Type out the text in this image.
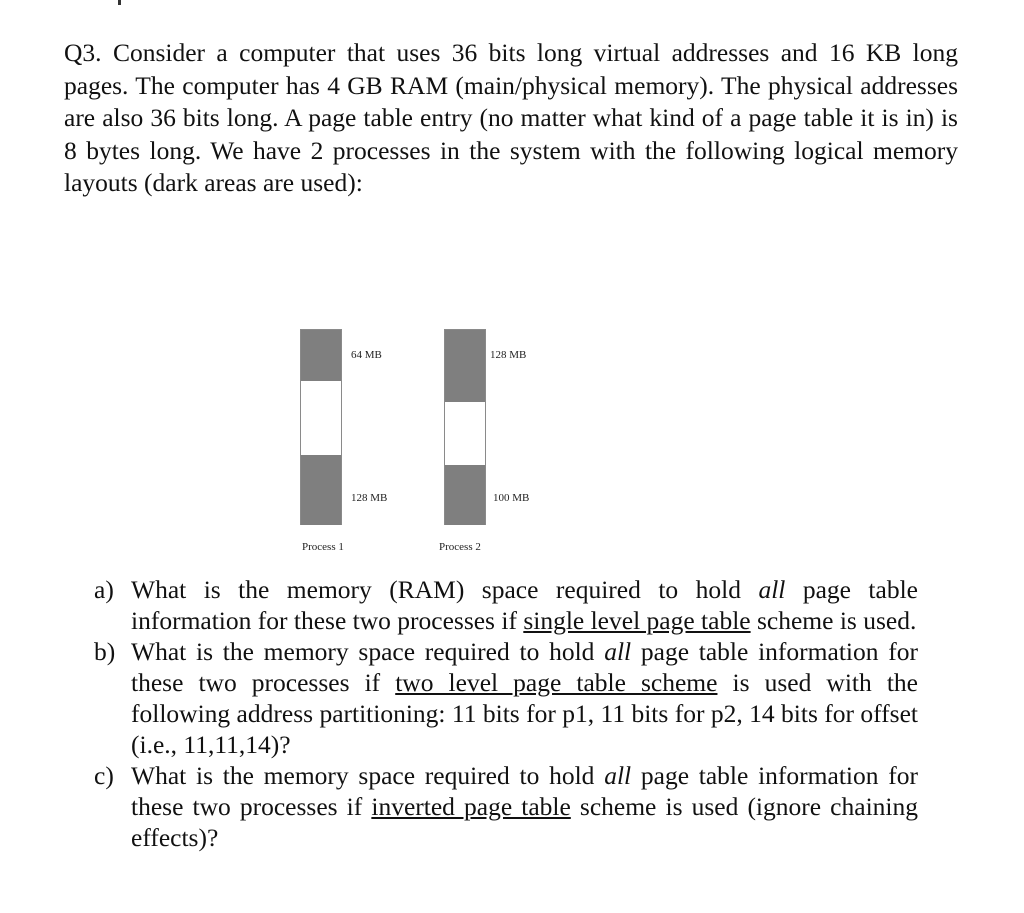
Q3. Consider a computer that uses 36 bits long virtual addresses and 16 KB long pages. The computer has 4 GB RAM (main/physical memory). The physical addresses are also 36 bits long. A page table entry (no matter what kind of a page table it is in) is 8 bytes long. We have 2 processes in the system with the following logical memory layouts (dark areas are used):

64 MB
128 MB
Process 1
128 MB
100 MB
Process 2
a) What is the memory (RAM) space required to hold all page table information for these two processes if single level page table scheme is used.
b) What is the memory space required to hold all page table information for these two processes if two level page table scheme is used with the following address partitioning: 11 bits for p1, 11 bits for p2, 14 bits for offset (i.e., 11,11,14)?
c) What is the memory space required to hold all page table information for these two processes if inverted page table scheme is used (ignore chaining effects)?
